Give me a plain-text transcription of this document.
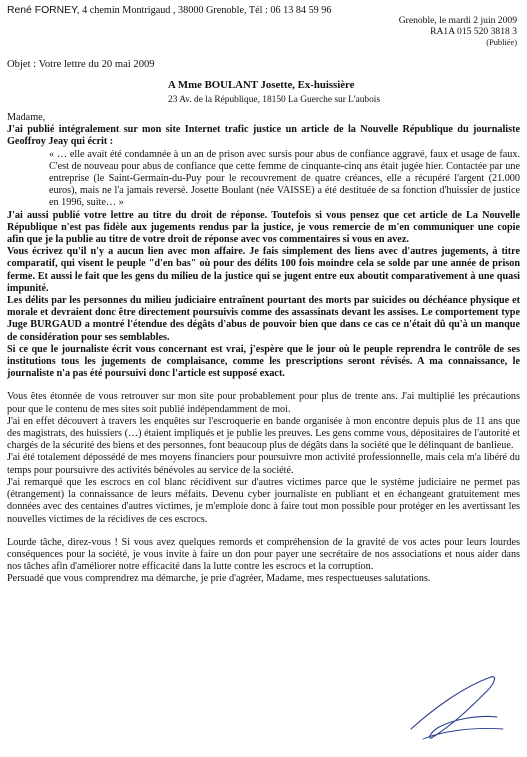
René FORNEY, 4 chemin Montrigaud , 38000 Grenoble, Tél : 06 13 84 59 96
Grenoble, le mardi 2 juin 2009
RA1A 015 520 3818 3
(Publiée)
Objet : Votre lettre du 20 mai 2009
A Mme BOULANT Josette, Ex-huissière
23 Av. de la République, 18150 La Guerche sur L'aubois

Madame,

J'ai publié intégralement sur mon site Internet trafic justice un article de la Nouvelle République du journaliste Geoffroy Jeay qui écrit :

« … elle avait été condamnée à un an de prison avec sursis pour abus de confiance aggravé, faux et usage de faux. C'est de nouveau pour abus de confiance que cette femme de cinquante-cinq ans était jugée hier. Contactée par une entreprise (le Saint-Germain-du-Puy pour le recouvrement de quatre créances, elle a récupéré l'argent (21.000 euros), mais ne l'a jamais reversé. Josette Boulant (née VAISSE) a été destituée de sa fonction d'huissier de justice en 1996, suite… »

J'ai aussi publié votre lettre au titre du droit de réponse. Toutefois si vous pensez que cet article de La Nouvelle République n'est pas fidèle aux jugements rendus par la justice, je vous remercie de m'en communiquer une copie afin que je la publie au titre de votre droit de réponse avec vos commentaires si vous en avez.

Vous écrivez qu'il n'y a aucun lien avec mon affaire. Je fais simplement des liens avec d'autres jugements, à titre comparatif, qui visent le peuple "d'en bas" où pour des délits 100 fois moindre cela se solde par une année de prison ferme. Et aussi le fait que les gens du milieu de la justice qui se jugent entre eux aboutit comparativement à une quasi impunité.

Les délits par les personnes du milieu judiciaire entraînent pourtant des morts par suicides ou déchéance physique et morale et devraient donc être directement poursuivis comme des assassinats devant les assises. Le comportement type Juge BURGAUD a montré l'étendue des dégâts d'abus de pouvoir bien que dans ce cas ce n'était dû qu'à un manque de considération pour ses semblables.

Si ce que le journaliste écrit vous concernant est vrai, j'espère que le jour où le peuple reprendra le contrôle de ses institutions tous les jugements de complaisance, comme les prescriptions seront révisés. A ma connaissance, le journaliste n'a pas été poursuivi donc l'article est supposé exact.

Vous êtes étonnée de vous retrouver sur mon site pour probablement pour plus de trente ans. J'ai multiplié les précautions pour que le contenu de mes sites soit publié indépendamment de moi.

J'ai en effet découvert à travers les enquêtes sur l'escroquerie en bande organisée à mon encontre depuis plus de 11 ans que des magistrats, des huissiers (…) étaient impliqués et je publie les preuves. Les gens comme vous, dépositaires de l'autorité et chargés de la sécurité des biens et des personnes, font beaucoup plus de dégâts dans la société que le délinquant de banlieue.

J'ai été totalement dépossédé de mes moyens financiers pour poursuivre mon activité professionnelle, mais cela m'a libéré du temps pour poursuivre des activités bénévoles au service de la société.

J'ai remarqué que les escrocs en col blanc récidivent sur d'autres victimes parce que le système judiciaire ne permet pas (étrangement) la connaissance de leurs méfaits. Devenu cyber journaliste en publiant et en échangeant gratuitement mes données avec des centaines d'autres victimes, je m'emploie donc à faire tout mon possible pour protéger en les avertissant les nouvelles victimes de la récidives de ces escrocs.

Lourde tâche, direz-vous ! Si vous avez quelques remords et compréhension de la gravité de vos actes pour leurs lourdes conséquences pour la société, je vous invite à faire un don pour payer une secrétaire de nos associations et nous aider dans nos tâches afin d'améliorer notre efficacité dans la lutte contre les escrocs et la corruption.

Persuadé que vous comprendrez ma démarche, je prie d'agréer, Madame, mes respectueuses salutations.
